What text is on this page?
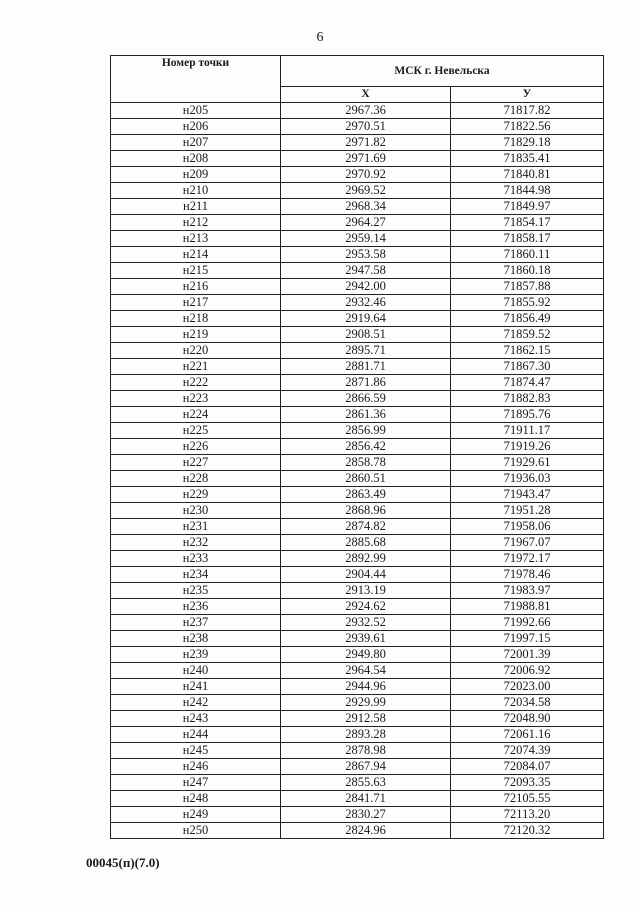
6
Номер точки	МСК г. Невельска	
	Х	У
н205	2967.36	71817.82
н206	2970.51	71822.56
н207	2971.82	71829.18
н208	2971.69	71835.41
н209	2970.92	71840.81
н210	2969.52	71844.98
н211	2968.34	71849.97
н212	2964.27	71854.17
н213	2959.14	71858.17
н214	2953.58	71860.11
н215	2947.58	71860.18
н216	2942.00	71857.88
н217	2932.46	71855.92
н218	2919.64	71856.49
н219	2908.51	71859.52
н220	2895.71	71862.15
н221	2881.71	71867.30
н222	2871.86	71874.47
н223	2866.59	71882.83
н224	2861.36	71895.76
н225	2856.99	71911.17
н226	2856.42	71919.26
н227	2858.78	71929.61
н228	2860.51	71936.03
н229	2863.49	71943.47
н230	2868.96	71951.28
н231	2874.82	71958.06
н232	2885.68	71967.07
н233	2892.99	71972.17
н234	2904.44	71978.46
н235	2913.19	71983.97
н236	2924.62	71988.81
н237	2932.52	71992.66
н238	2939.61	71997.15
н239	2949.80	72001.39
н240	2964.54	72006.92
н241	2944.96	72023.00
н242	2929.99	72034.58
н243	2912.58	72048.90
н244	2893.28	72061.16
н245	2878.98	72074.39
н246	2867.94	72084.07
н247	2855.63	72093.35
н248	2841.71	72105.55
н249	2830.27	72113.20
н250	2824.96	72120.32
00045(п)(7.0)
